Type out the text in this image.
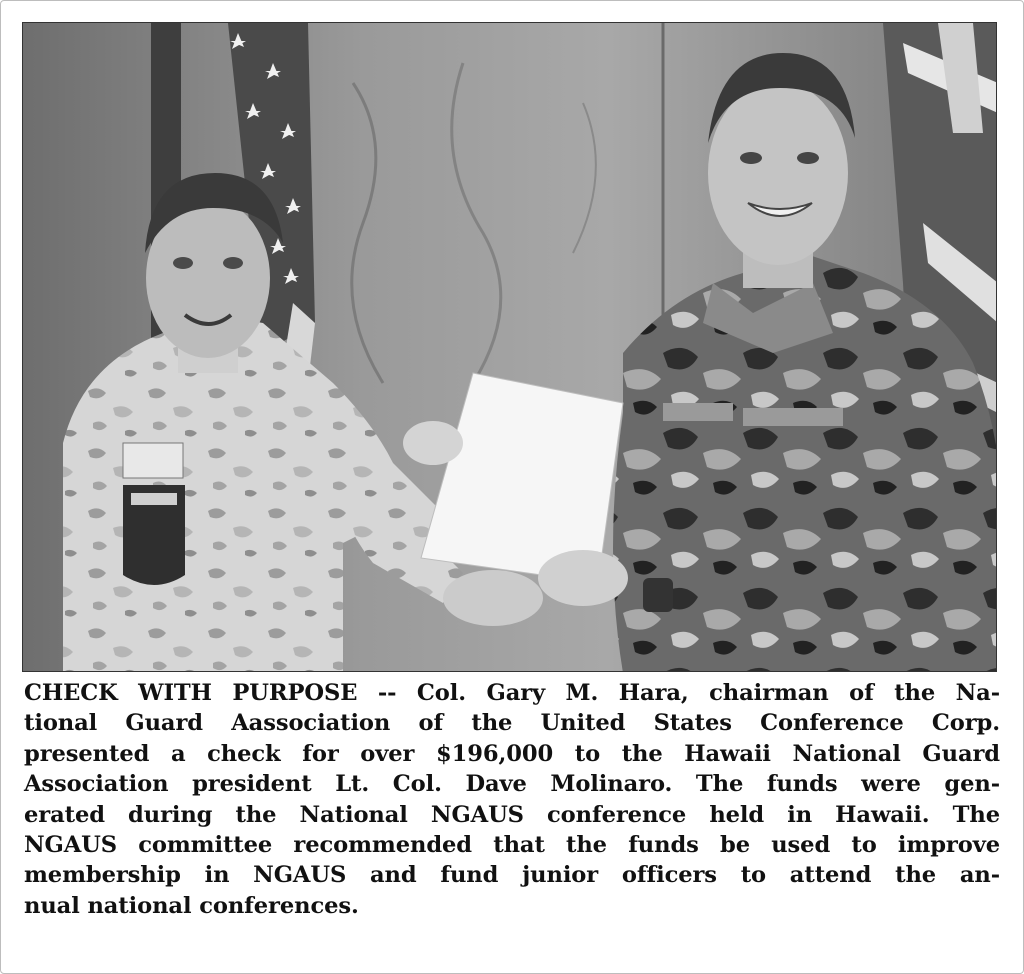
CHECK WITH PURPOSE -- Col. Gary M. Hara, chairman of the Na-
tional Guard Aassociation of the United States Conference Corp.
presented a check for over $196,000 to the Hawaii National Guard
Association president Lt. Col. Dave Molinaro. The funds were gen-
erated during the National NGAUS conference held in Hawaii. The
NGAUS committee recommended that the funds be used to improve
membership in NGAUS and fund junior officers to attend the an-
nual national conferences.
